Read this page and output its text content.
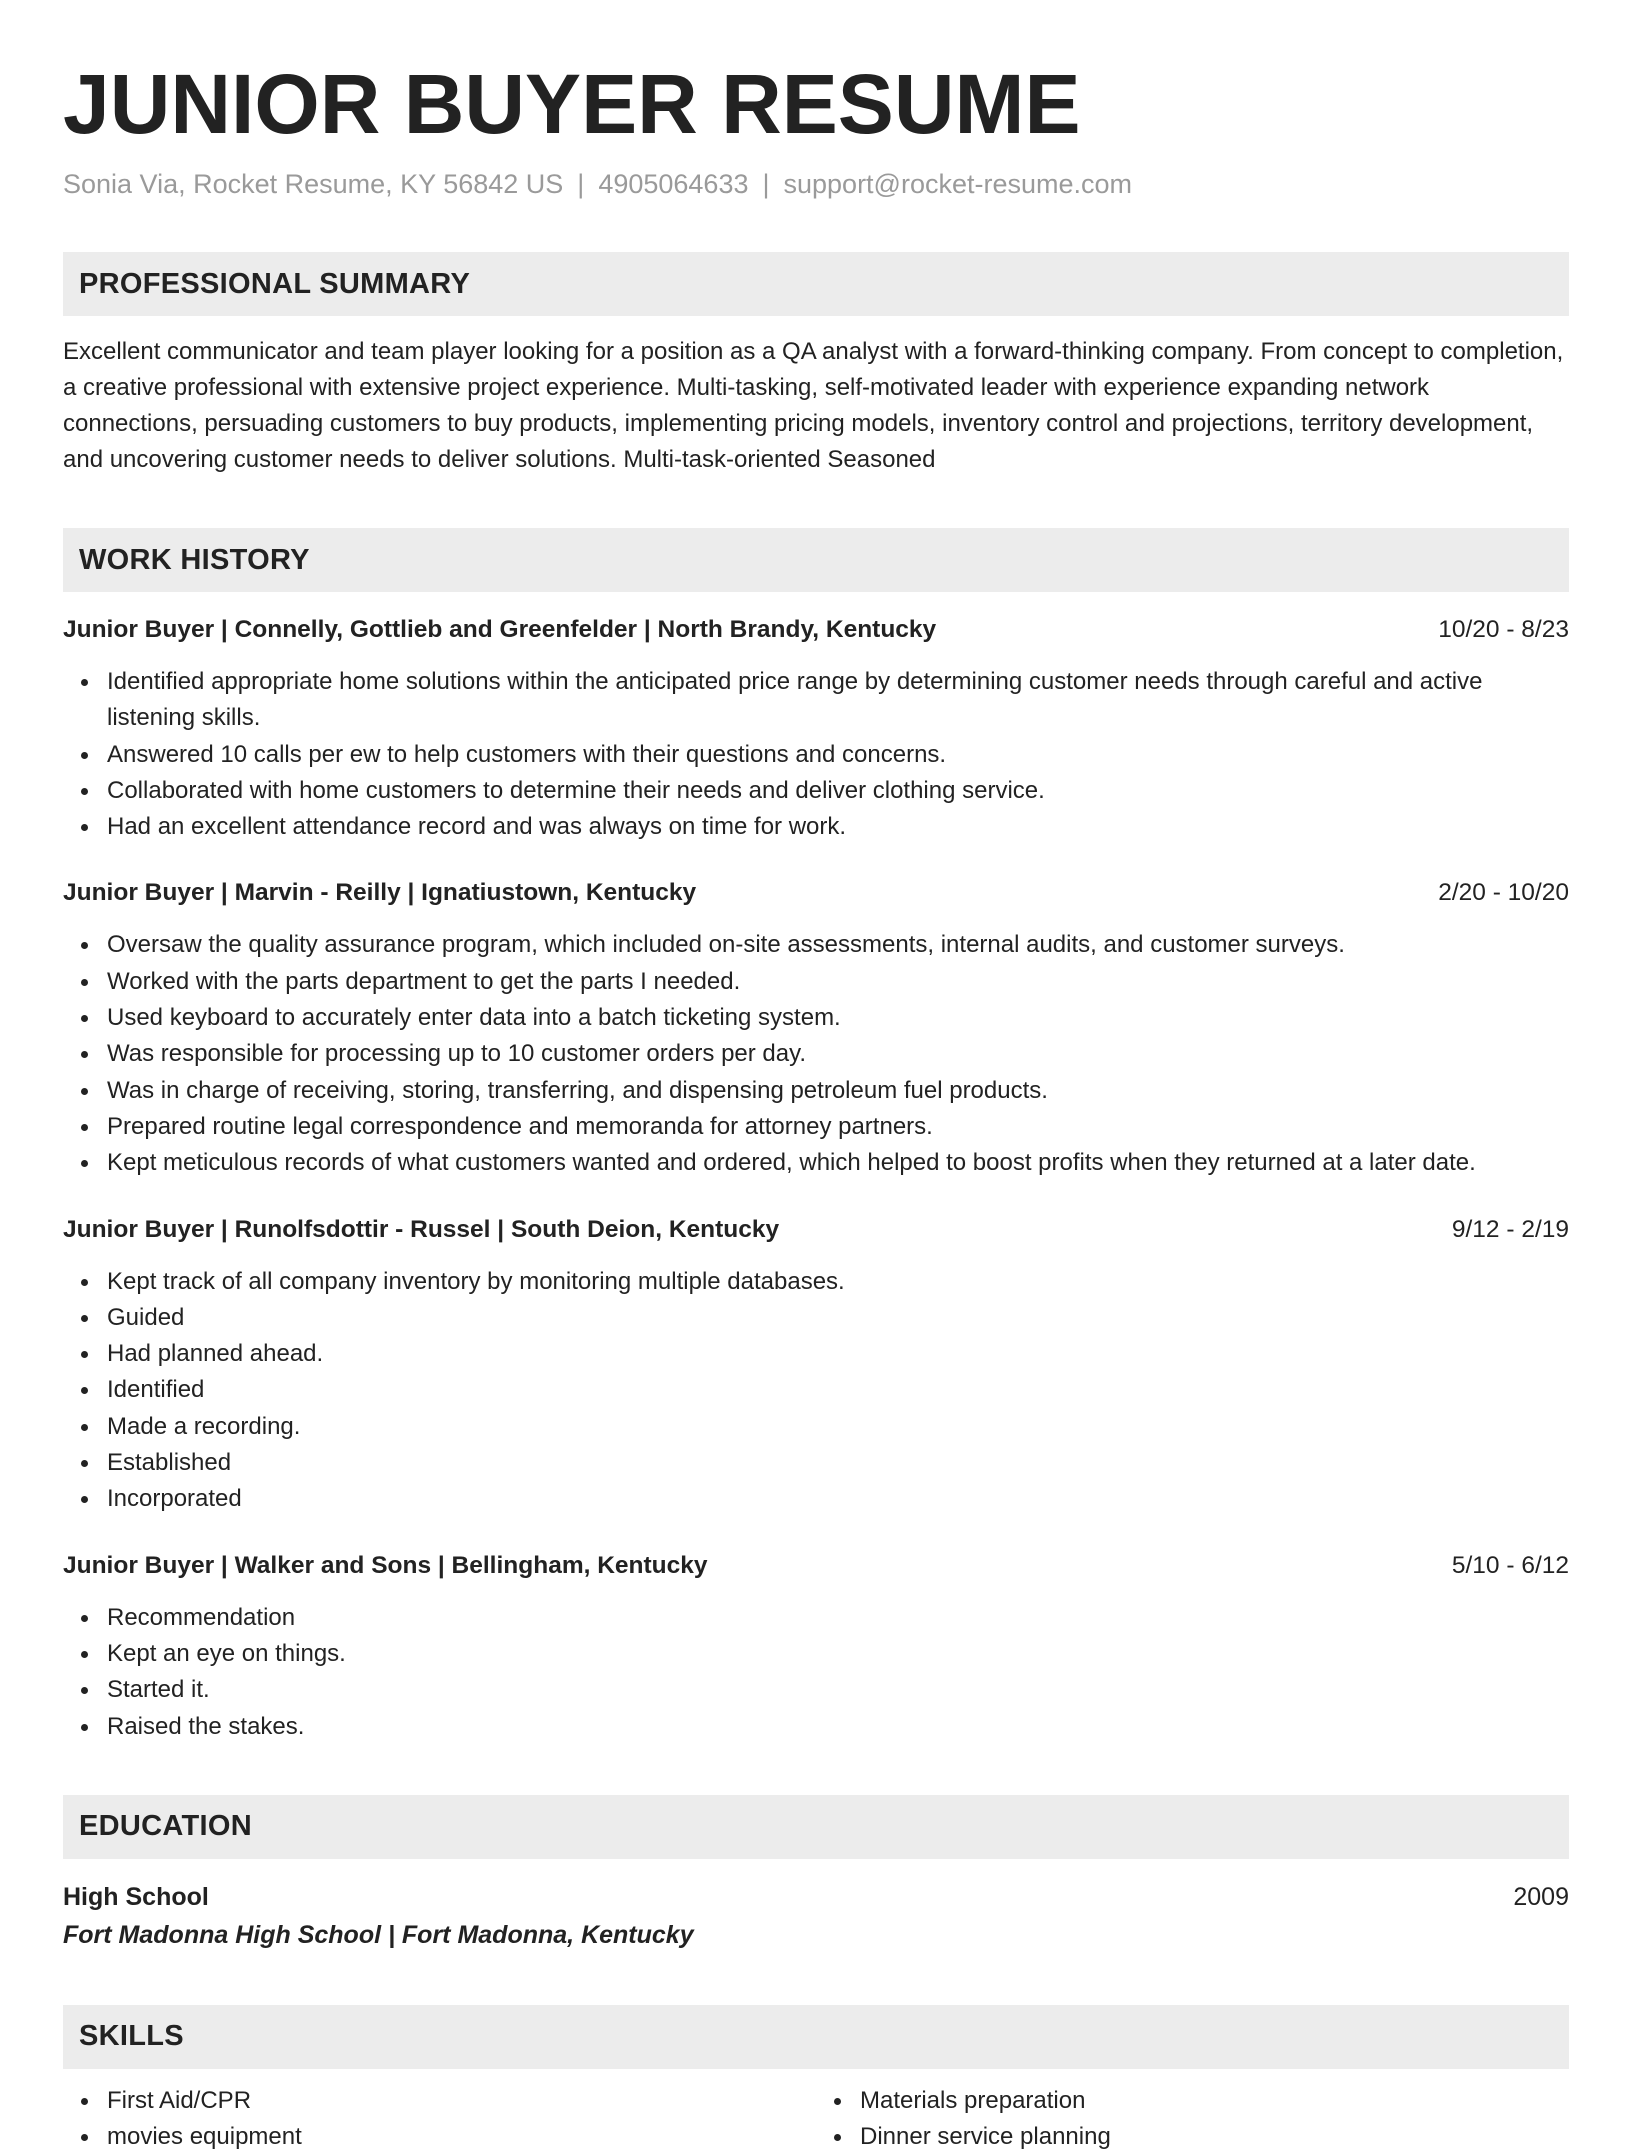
JUNIOR BUYER RESUME
Sonia Via, Rocket Resume, KY 56842 US | 4905064633 | support@rocket-resume.com
PROFESSIONAL SUMMARY
Excellent communicator and team player looking for a position as a QA analyst with a forward-thinking company. From concept to completion, a creative professional with extensive project experience. Multi-tasking, self-motivated leader with experience expanding network connections, persuading customers to buy products, implementing pricing models, inventory control and projections, territory development, and uncovering customer needs to deliver solutions. Multi-task-oriented Seasoned
WORK HISTORY
Junior Buyer | Connelly, Gottlieb and Greenfelder | North Brandy, Kentucky	10/20 - 8/23
Identified appropriate home solutions within the anticipated price range by determining customer needs through careful and active listening skills.
Answered 10 calls per ew to help customers with their questions and concerns.
Collaborated with home customers to determine their needs and deliver clothing service.
Had an excellent attendance record and was always on time for work.
Junior Buyer | Marvin - Reilly | Ignatiustown, Kentucky	2/20 - 10/20
Oversaw the quality assurance program, which included on-site assessments, internal audits, and customer surveys.
Worked with the parts department to get the parts I needed.
Used keyboard to accurately enter data into a batch ticketing system.
Was responsible for processing up to 10 customer orders per day.
Was in charge of receiving, storing, transferring, and dispensing petroleum fuel products.
Prepared routine legal correspondence and memoranda for attorney partners.
Kept meticulous records of what customers wanted and ordered, which helped to boost profits when they returned at a later date.
Junior Buyer | Runolfsdottir - Russel | South Deion, Kentucky	9/12 - 2/19
Kept track of all company inventory by monitoring multiple databases.
Guided
Had planned ahead.
Identified
Made a recording.
Established
Incorporated
Junior Buyer | Walker and Sons | Bellingham, Kentucky	5/10 - 6/12
Recommendation
Kept an eye on things.
Started it.
Raised the stakes.
EDUCATION
High School	2009
Fort Madonna High School | Fort Madonna, Kentucky
SKILLS
First Aid/CPR
movies equipment
Materials preparation
Dinner service planning
